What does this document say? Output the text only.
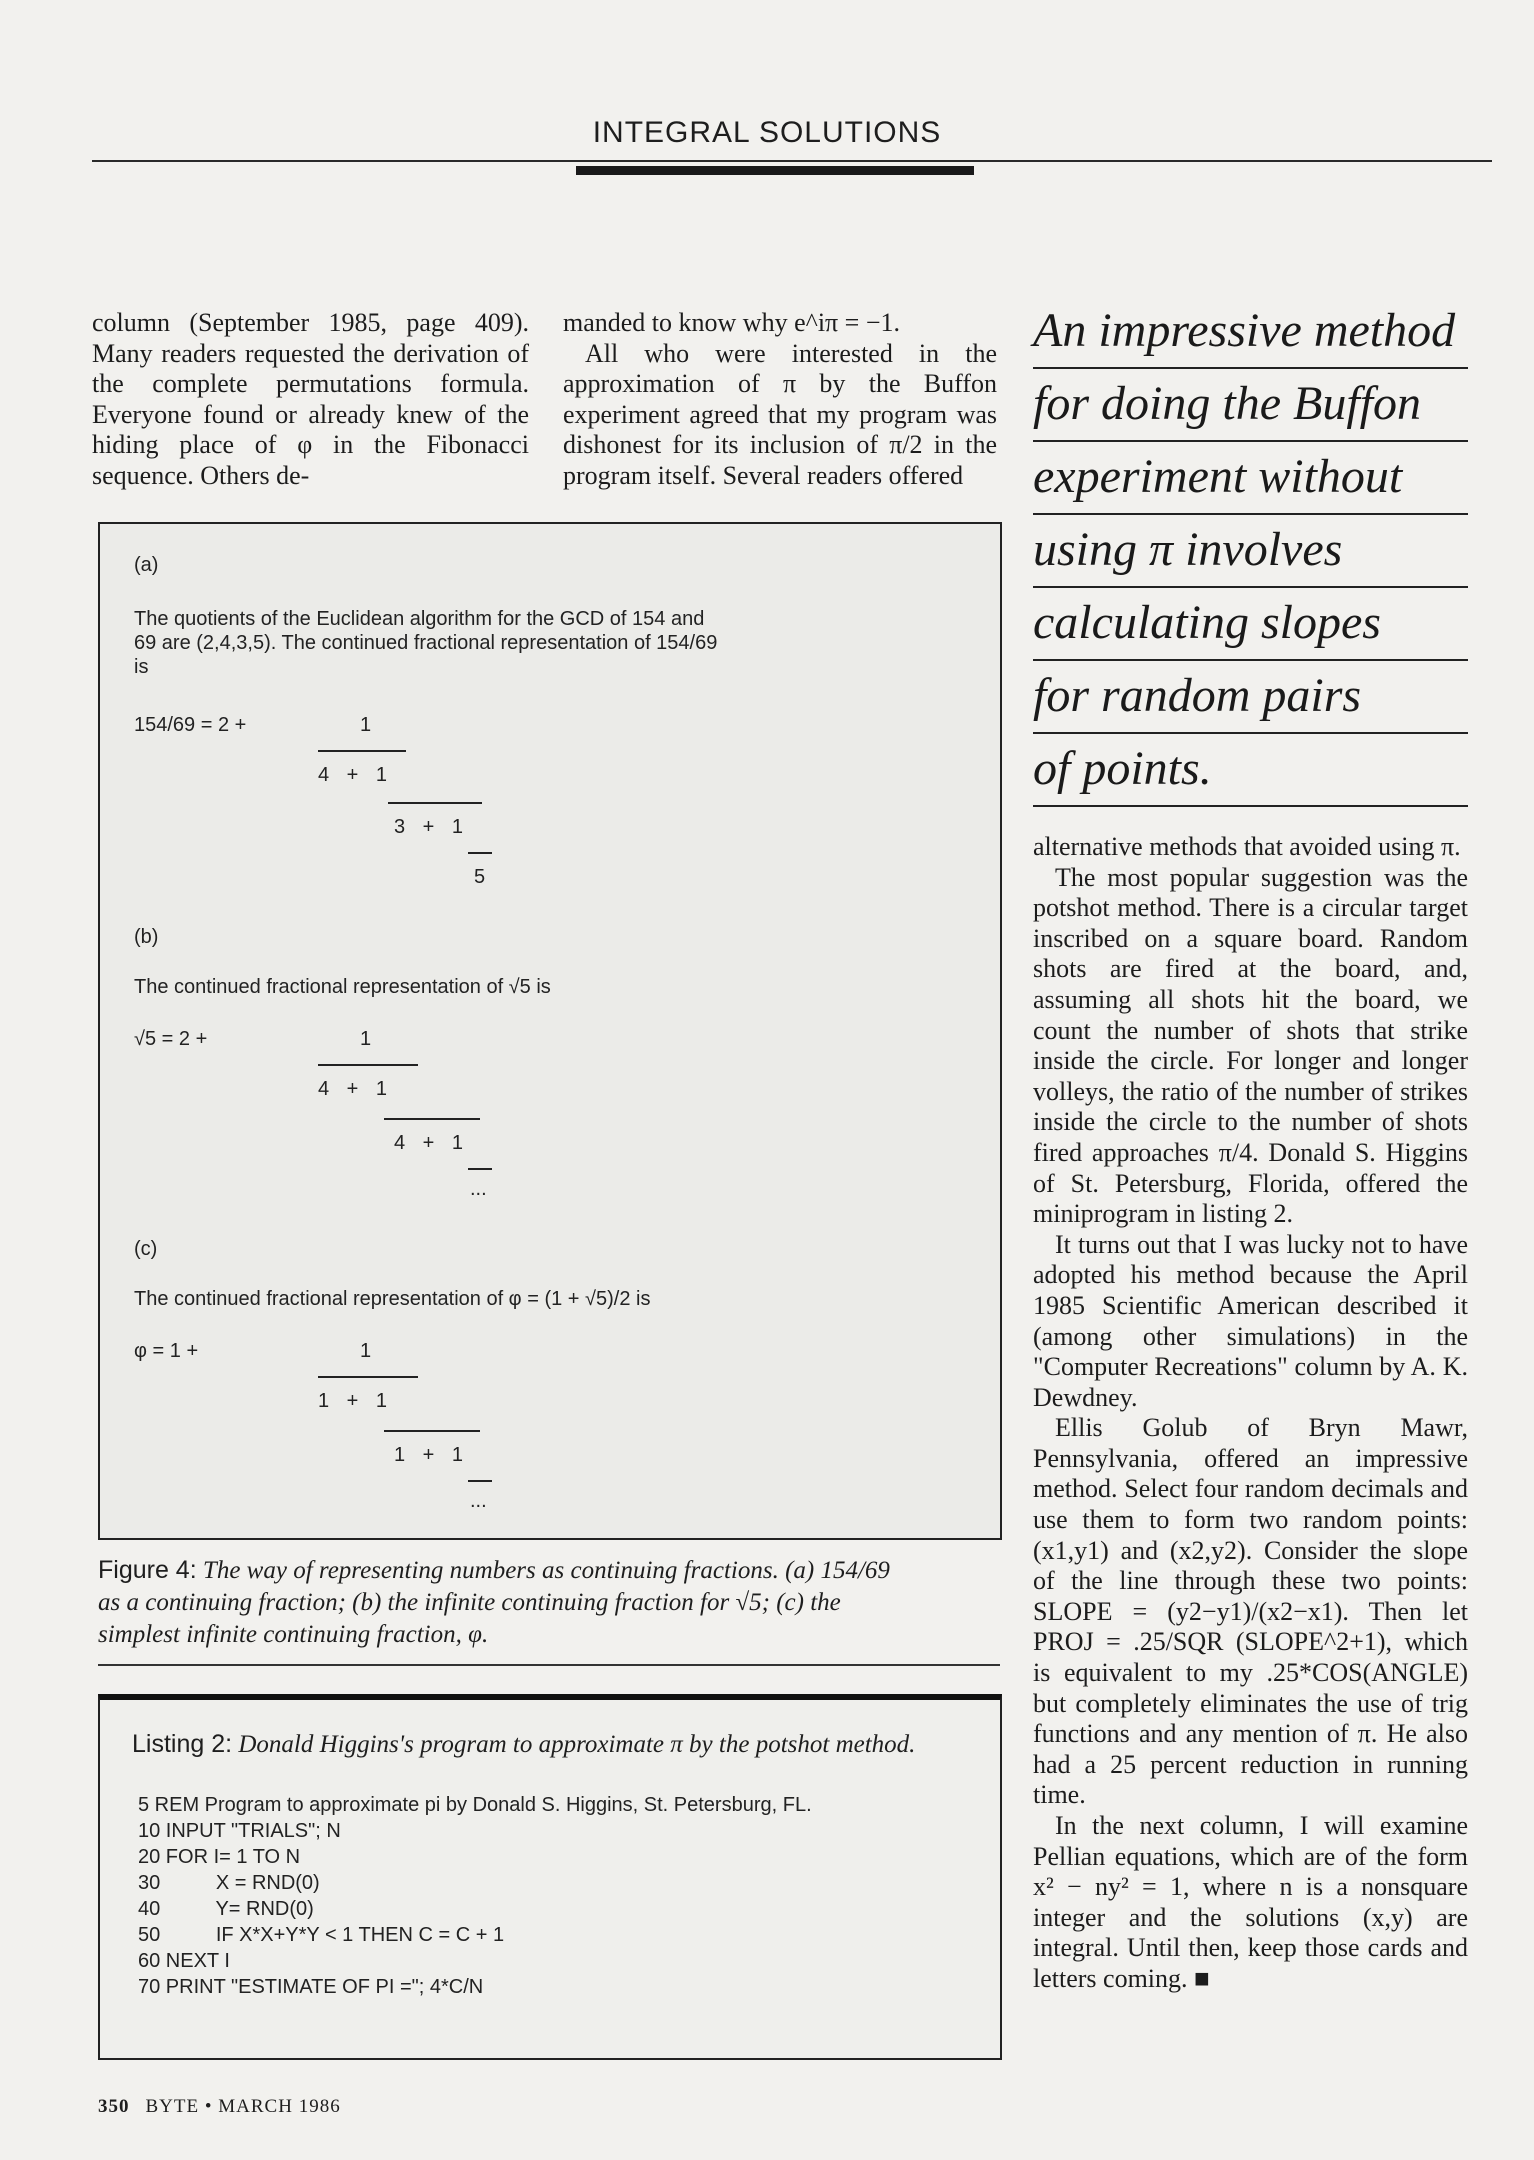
INTEGRAL SOLUTIONS

column (September 1985, page 409). Many readers requested the derivation of the complete permutations formula. Everyone found or already knew of the hiding place of φ in the Fibonacci sequence. Others de-

manded to know why e^iπ = −1.

All who were interested in the approximation of π by the Buffon experiment agreed that my program was dishonest for its inclusion of π/2 in the program itself. Several readers offered

An impressive method
for doing the Buffon
experiment without
using π involves
calculating slopes
for random pairs
of points.
(a)
The quotients of the Euclidean algorithm for the GCD of 154 and
69 are (2,4,3,5). The continued fractional representation of 154/69
is
154/69 = 2 +	1
4 + 1
3 + 1
5
(b)
The continued fractional representation of √5 is
√5 = 2 +	1
4 + 1
4 + 1
...
(c)
The continued fractional representation of φ = (1 + √5)/2 is
φ = 1 +	1
1 + 1
1 + 1
...
Figure 4: The way of representing numbers as continuing fractions. (a) 154/69
as a continuing fraction; (b) the infinite continuing fraction for √5; (c) the
simplest infinite continuing fraction, φ.
Listing 2: Donald Higgins's program to approximate π by the potshot method.
5 REM Program to approximate pi by Donald S. Higgins, St. Petersburg, FL.
10 INPUT "TRIALS"; N
20 FOR I= 1 TO N
30          X = RND(0)
40          Y= RND(0)
50          IF X*X+Y*Y < 1 THEN C = C + 1
60 NEXT I
70 PRINT "ESTIMATE OF PI ="; 4*C/N

alternative methods that avoided using π.

The most popular suggestion was the potshot method. There is a circular target inscribed on a square board. Random shots are fired at the board, and, assuming all shots hit the board, we count the number of shots that strike inside the circle. For longer and longer volleys, the ratio of the number of strikes inside the circle to the number of shots fired approaches π/4. Donald S. Higgins of St. Petersburg, Florida, offered the miniprogram in listing 2.

It turns out that I was lucky not to have adopted his method because the April 1985 Scientific American described it (among other simulations) in the "Computer Recreations" column by A. K. Dewdney.

Ellis Golub of Bryn Mawr, Pennsylvania, offered an impressive method. Select four random decimals and use them to form two random points: (x1,y1) and (x2,y2). Consider the slope of the line through these two points: SLOPE = (y2−y1)/(x2−x1). Then let PROJ = .25/SQR (SLOPE^2+1), which is equivalent to my .25*COS(ANGLE) but completely eliminates the use of trig functions and any mention of π. He also had a 25 percent reduction in running time.

In the next column, I will examine Pellian equations, which are of the form x² − ny² = 1, where n is a nonsquare integer and the solutions (x,y) are integral. Until then, keep those cards and letters coming. ■

350 BYTE • MARCH 1986
